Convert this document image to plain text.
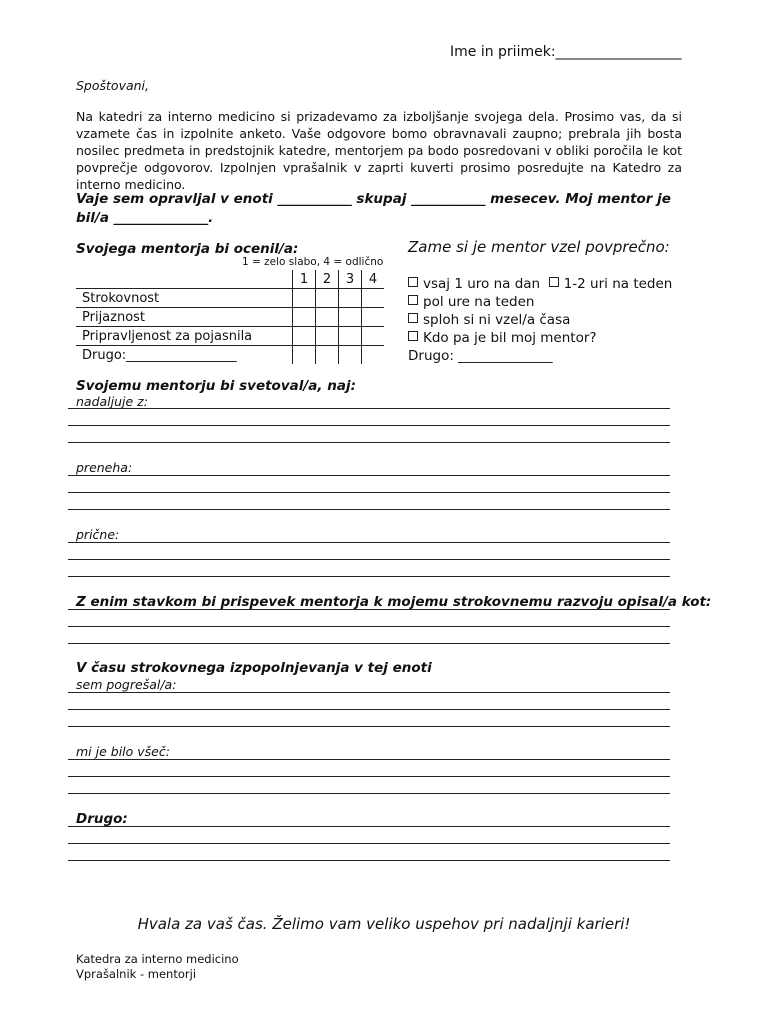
Ime in priimek:__________________
Spoštovani,
Na katedri za interno medicino si prizadevamo za izboljšanje svojega dela. Prosimo vas, da si vzamete čas in izpolnite anketo. Vaše odgovore bomo obravnavali zaupno; prebrala jih bosta nosilec predmeta in predstojnik katedre, mentorjem pa bodo posredovani v obliki poročila le kot povprečje odgovorov. Izpolnjen vprašalnik v zaprti kuverti prosimo posredujte na Katedro za interno medicino.
Vaje sem opravljal v enoti ___________ skupaj ___________ mesecev. Moj mentor je bil/a ______________.
Svojega mentorja bi ocenil/a:
1 = zelo slabo, 4 = odlično
	1	2	3	4
Strokovnost				
Prijaznost				
Pripravljenost za pojasnila				
Drugo:_________________				
Zame si je mentor vzel povprečno:
vsaj 1 uro na dan 1-2 uri na teden
pol ure na teden
sploh si ni vzel/a časa
Kdo pa je bil moj mentor?
Drugo: ______________
Svojemu mentorju bi svetoval/a, naj:
nadaljuje z:
preneha:
prične:
Z enim stavkom bi prispevek mentorja k mojemu strokovnemu razvoju opisal/a kot:
V času strokovnega izpopolnjevanja v tej enoti
sem pogrešal/a:
mi je bilo všeč:
Drugo:
Hvala za vaš čas. Želimo vam veliko uspehov pri nadaljnji karieri!
Katedra za interno medicino
Vprašalnik - mentorji
